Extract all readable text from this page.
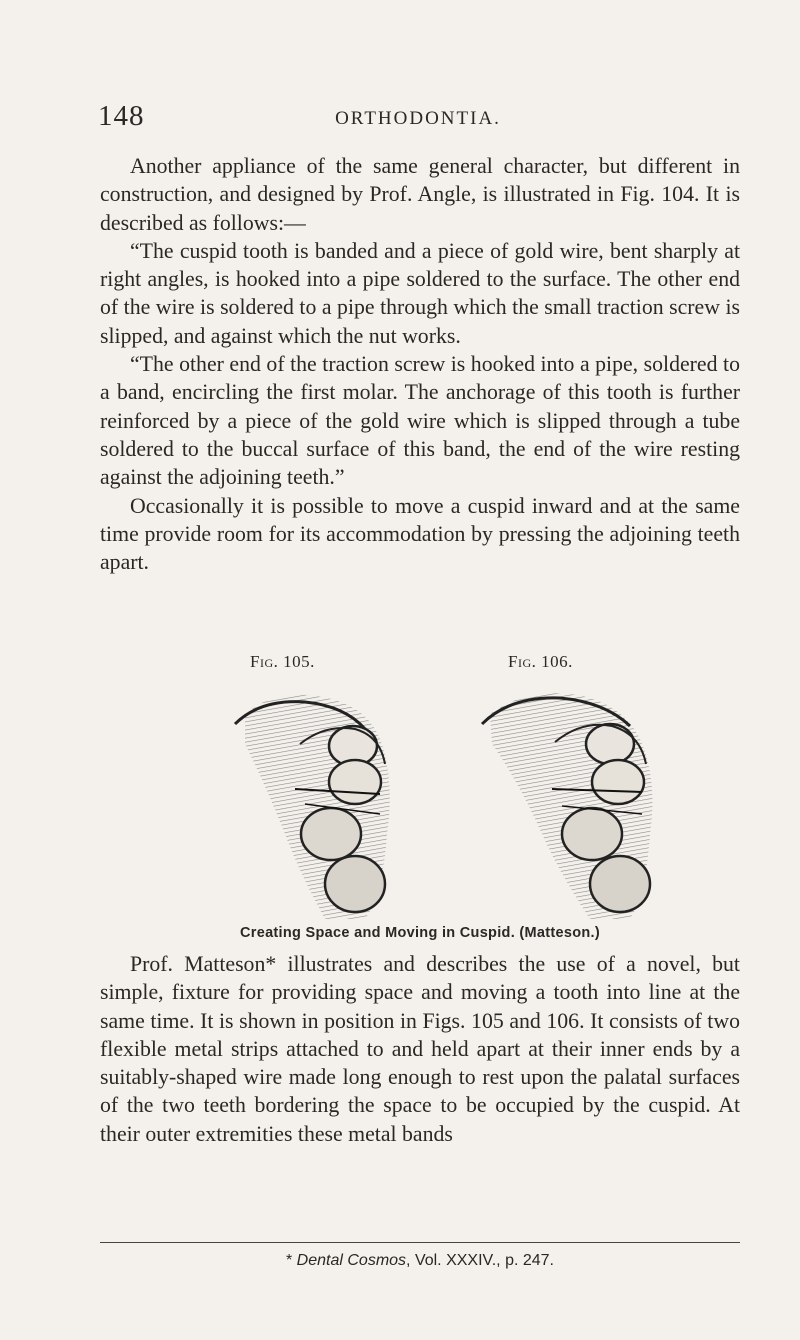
148	ORTHODONTIA.

Another appliance of the same general character, but different in construction, and designed by Prof. Angle, is illustrated in Fig. 104. It is described as follows:—

“The cuspid tooth is banded and a piece of gold wire, bent sharply at right angles, is hooked into a pipe soldered to the surface. The other end of the wire is soldered to a pipe through which the small traction screw is slipped, and against which the nut works.

“The other end of the traction screw is hooked into a pipe, soldered to a band, encircling the first molar. The anchorage of this tooth is further reinforced by a piece of the gold wire which is slipped through a tube soldered to the buccal surface of this band, the end of the wire resting against the adjoining teeth.”

Occasionally it is possible to move a cuspid inward and at the same time provide room for its accommodation by pressing the adjoining teeth apart.

Fig. 105.	Fig. 106.
Creating Space and Moving in Cuspid. (Matteson.)

Prof. Matteson* illustrates and describes the use of a novel, but simple, fixture for providing space and moving a tooth into line at the same time. It is shown in position in Figs. 105 and 106. It consists of two flexible metal strips attached to and held apart at their inner ends by a suitably-shaped wire made long enough to rest upon the palatal surfaces of the two teeth bordering the space to be occupied by the cuspid. At their outer extremities these metal bands

* Dental Cosmos, Vol. XXXIV., p. 247.
